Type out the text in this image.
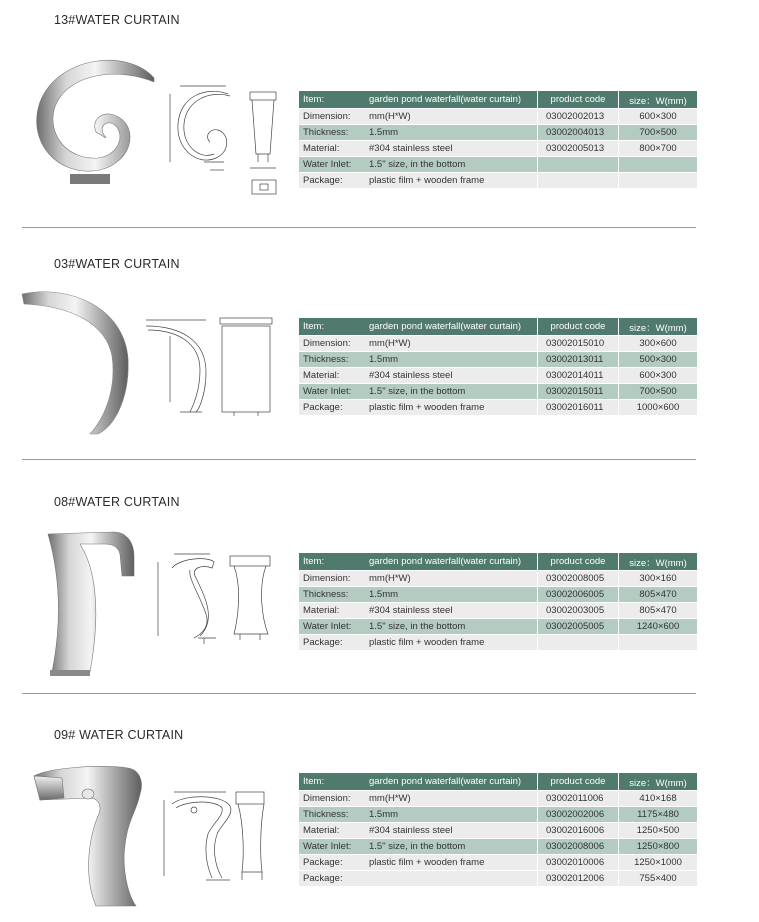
13#WATER CURTAIN
Item:	garden pond waterfall(water curtain)	product code	size：W(mm)
Dimension:	mm(H*W)	03002002013	600×300
Thickness:	1.5mm	03002004013	700×500
Material:	#304 stainless steel	03002005013	800×700
Water Inlet:	1.5" size, in the bottom		
Package:	plastic film + wooden frame		
03#WATER CURTAIN
Item:	garden pond waterfall(water curtain)	product code	size：W(mm)
Dimension:	mm(H*W)	03002015010	300×600
Thickness:	1.5mm	03002013011	500×300
Material:	#304 stainless steel	03002014011	600×300
Water Inlet:	1.5" size, in the bottom	03002015011	700×500
Package:	plastic film + wooden frame	03002016011	1000×600
08#WATER CURTAIN
Item:	garden pond waterfall(water curtain)	product code	size：W(mm)
Dimension:	mm(H*W)	03002008005	300×160
Thickness:	1.5mm	03002006005	805×470
Material:	#304 stainless steel	03002003005	805×470
Water Inlet:	1.5" size, in the bottom	03002005005	1240×600
Package:	plastic film + wooden frame		
09# WATER CURTAIN
Item:	garden pond waterfall(water curtain)	product code	size：W(mm)
Dimension:	mm(H*W)	03002011006	410×168
Thickness:	1.5mm	03002002006	1175×480
Material:	#304 stainless steel	03002016006	1250×500
Water Inlet:	1.5" size, in the bottom	03002008006	1250×800
Package:	plastic film + wooden frame	03002010006	1250×1000
Package:		03002012006	755×400
